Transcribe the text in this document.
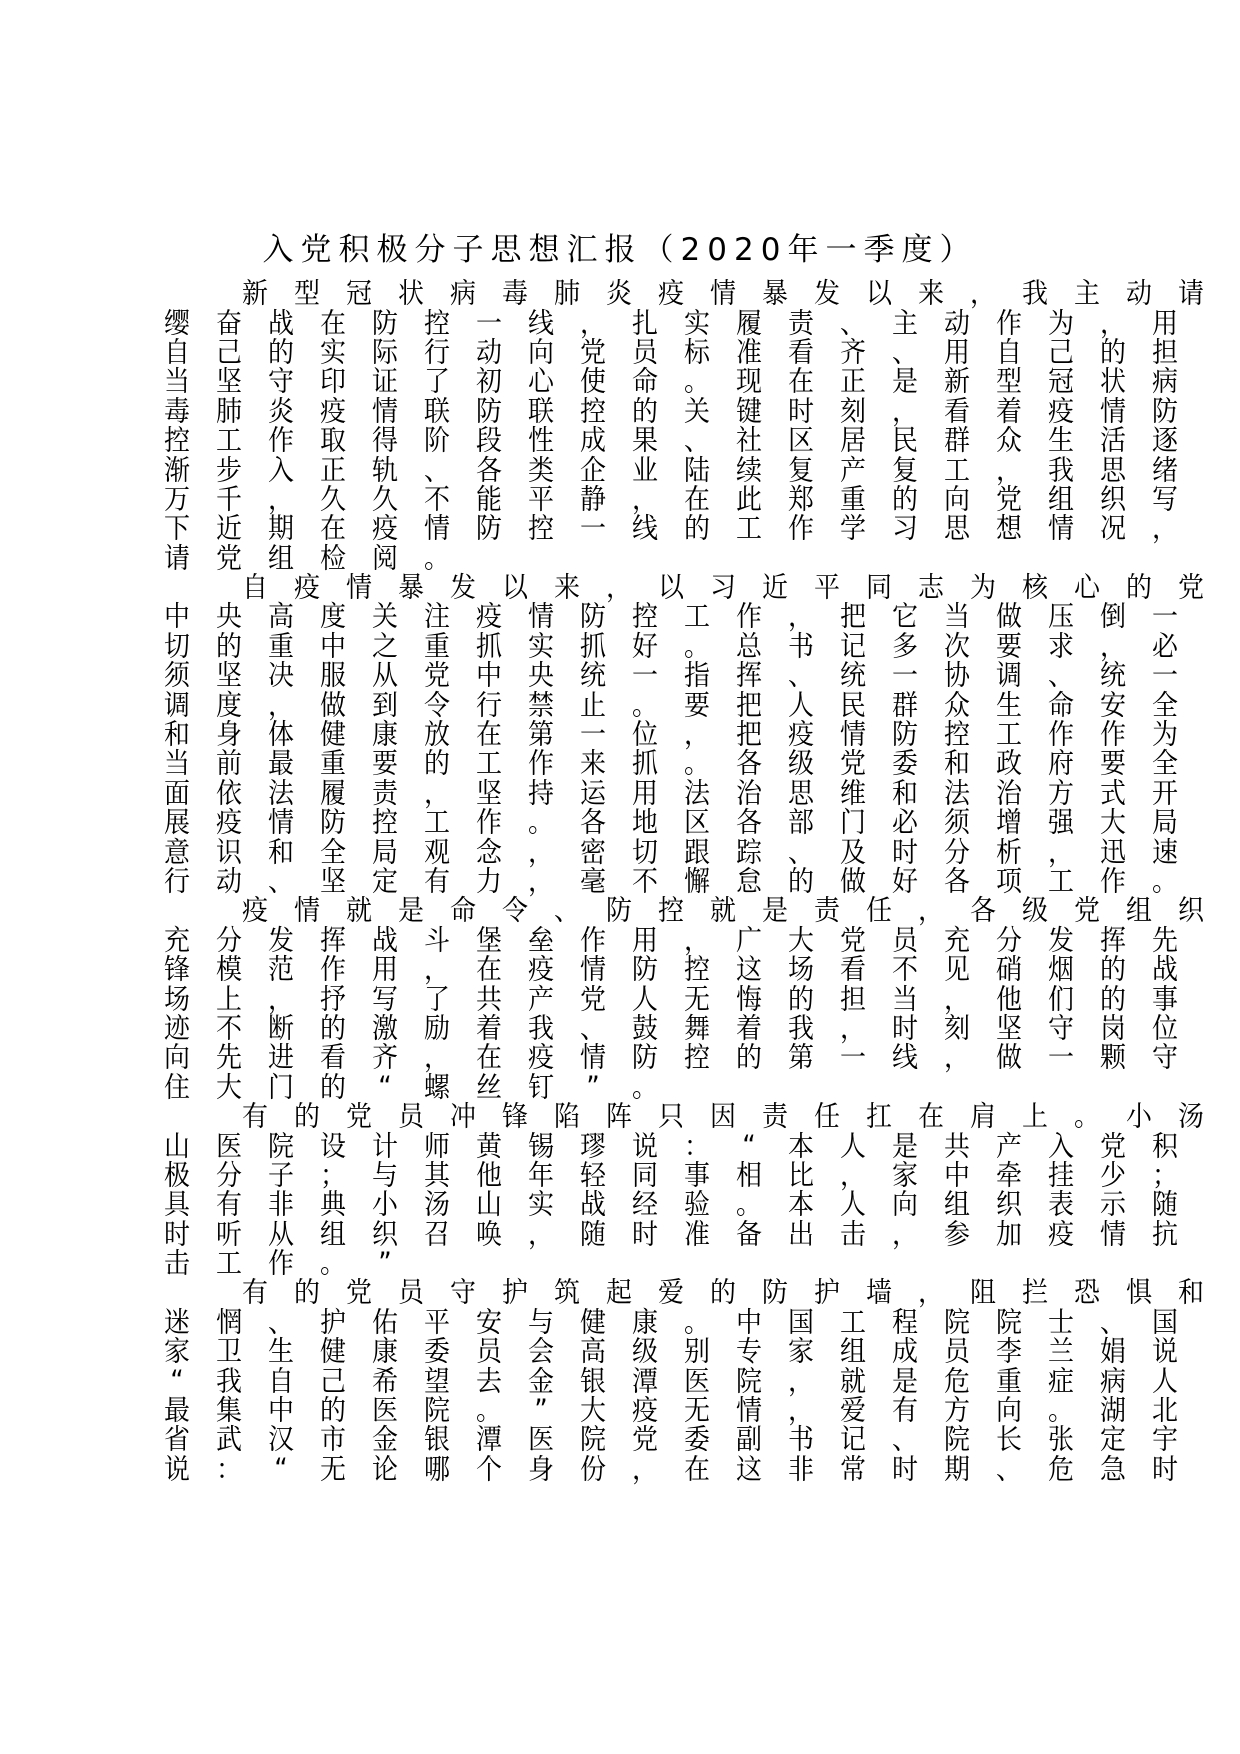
入党积极分子思想汇报（2020年一季度）
新 型 冠 状 病 毒 肺 炎 疫 情 暴 发 以 来 ， 我 主 动 请
缨 奋 战 在 防 控 一 线 ， 扎 实 履 责 、 主 动 作 为 ， 用
自 己 的 实 际 行 动 向 党 员 标 准 看 齐 、 用 自 己 的 担
当 坚 守 印 证 了 初 心 使 命 。 现 在 正 是 新 型 冠 状 病
毒 肺 炎 疫 情 联 防 联 控 的 关 键 时 刻 ， 看 着 疫 情 防
控 工 作 取 得 阶 段 性 成 果 、 社 区 居 民 群 众 生 活 逐
渐 步 入 正 轨 、 各 类 企 业 陆 续 复 产 复 工 ， 我 思 绪
万 千 ， 久 久 不 能 平 静 ， 在 此 郑 重 的 向 党 组 织 写
下 近 期 在 疫 情 防 控 一 线 的 工 作 学 习 思 想 情 况 ，
请 党 组 检 阅 。
自 疫 情 暴 发 以 来 ， 以 习 近 平 同 志 为 核 心 的 党
中 央 高 度 关 注 疫 情 防 控 工 作 ， 把 它 当 做 压 倒 一
切 的 重 中 之 重 抓 实 抓 好 。 总 书 记 多 次 要 求 ， 必
须 坚 决 服 从 党 中 央 统 一 指 挥 、 统 一 协 调 、 统 一
调 度 ， 做 到 令 行 禁 止 。 要 把 人 民 群 众 生 命 安 全
和 身 体 健 康 放 在 第 一 位 ， 把 疫 情 防 控 工 作 作 为
当 前 最 重 要 的 工 作 来 抓 。 各 级 党 委 和 政 府 要 全
面 依 法 履 责 ， 坚 持 运 用 法 治 思 维 和 法 治 方 式 开
展 疫 情 防 控 工 作 。 各 地 区 各 部 门 必 须 增 强 大 局
意 识 和 全 局 观 念 ， 密 切 跟 踪 、 及 时 分 析 ， 迅 速
行 动 、 坚 定 有 力 ， 毫 不 懈 怠 的 做 好 各 项 工 作 。
疫 情 就 是 命 令 、 防 控 就 是 责 任 ， 各 级 党 组 织
充 分 发 挥 战 斗 堡 垒 作 用 ， 广 大 党 员 充 分 发 挥 先
锋 模 范 作 用 ， 在 疫 情 防 控 这 场 看 不 见 硝 烟 的 战
场 上 ， 抒 写 了 共 产 党 人 无 悔 的 担 当 ， 他 们 的 事
迹 不 断 的 激 励 着 我 、 鼓 舞 着 我 ， 时 刻 坚 守 岗 位
向 先 进 看 齐 ， 在 疫 情 防 控 的 第 一 线 ， 做 一 颗 守
住 大 门 的	“	螺 丝 钉	”	。
有 的 党 员 冲 锋 陷 阵 只 因 责 任 扛 在 肩 上 。 小 汤
山 医 院 设 计 师 黄 锡 璆 说 ：	“	本 人 是 共 产 入 党 积
极 分 子 ； 与 其 他 年 轻 同 事 相 比 ， 家 中 牵 挂 少 ；
具 有 非 典 小 汤 山 实 战 经 验 。 本 人 向 组 织 表 示 随
时 听 从 组 织 召 唤 ， 随 时 准 备 出 击 ， 参 加 疫 情 抗
击 工 作 。	”
有 的 党 员 守 护 筑 起 爱 的 防 护 墙 ， 阻 拦 恐 惧 和
迷 惘 、 护 佑 平 安 与 健 康 。 中 国 工 程 院 院 士 、 国
家 卫 生 健 康 委 员 会 高 级 别 专 家 组 成 员 李 兰 娟 说
“	我 自 己 希 望 去 金 银 潭 医 院 ， 就 是 危 重 症 病 人
最 集 中 的 医 院 。	”	大 疫 无 情 ， 爱 有 方 向 。 湖 北
省 武 汉 市 金 银 潭 医 院 党 委 副 书 记 、 院 长 张 定 宇
说 ：	“	无 论 哪 个 身 份 ， 在 这 非 常 时 期 、 危 急 时
